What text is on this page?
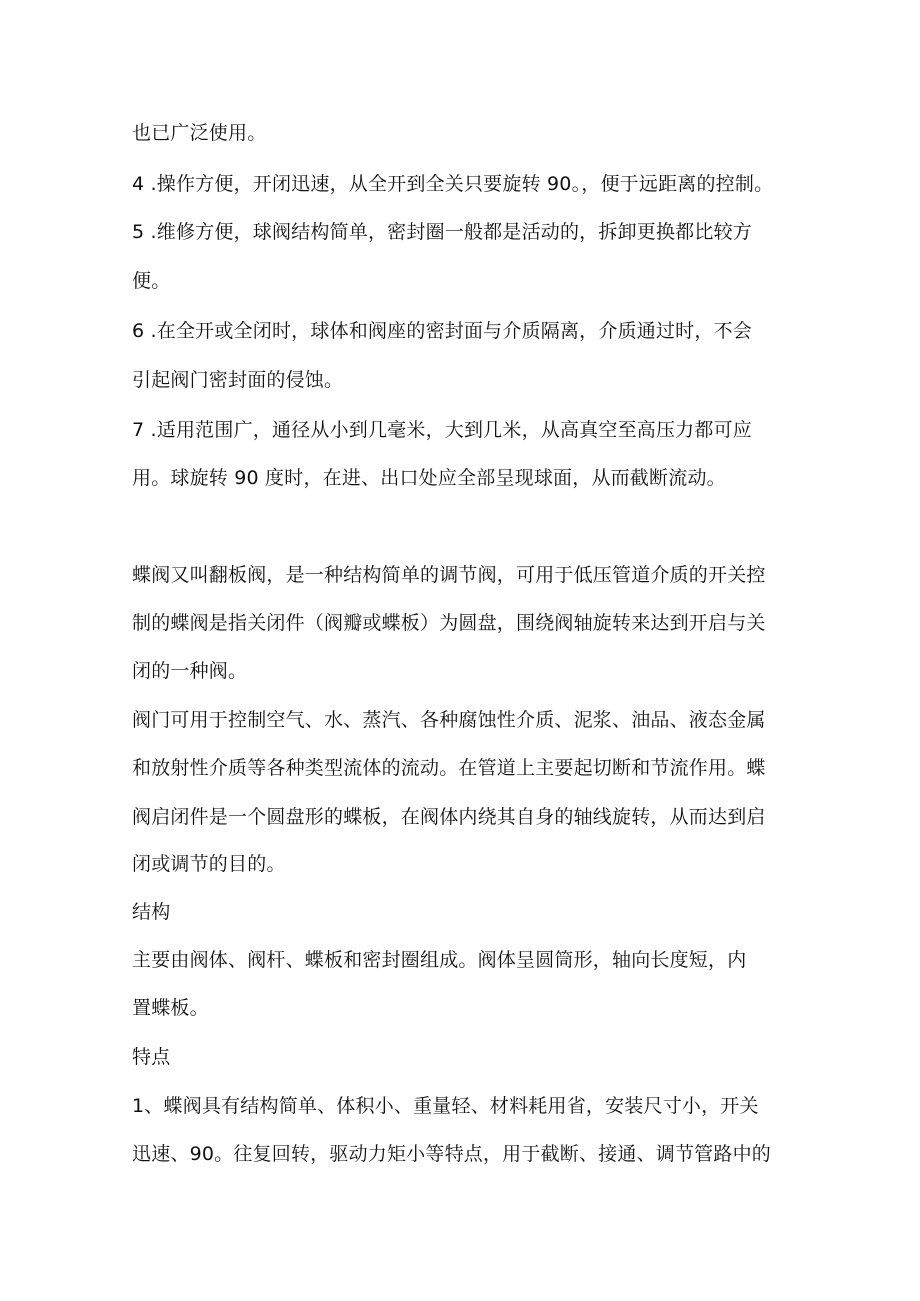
也已广泛使用。

4 .操作方便，开闭迅速，从全开到全关只要旋转 90。，便于远距离的控制。

5 .维修方便，球阀结构简单，密封圈一般都是活动的，拆卸更换都比较方

便。

6 .在全开或全闭时，球体和阀座的密封面与介质隔离，介质通过时，不会

引起阀门密封面的侵蚀。

7 .适用范围广，通径从小到几毫米，大到几米，从高真空至高压力都可应

用。球旋转 90 度时，在进、出口处应全部呈现球面，从而截断流动。

蝶阀又叫翻板阀，是一种结构简单的调节阀，可用于低压管道介质的开关控

制的蝶阀是指关闭件（阀瓣或蝶板）为圆盘，围绕阀轴旋转来达到开启与关

闭的一种阀。

阀门可用于控制空气、水、蒸汽、各种腐蚀性介质、泥浆、油品、液态金属

和放射性介质等各种类型流体的流动。在管道上主要起切断和节流作用。蝶

阀启闭件是一个圆盘形的蝶板，在阀体内绕其自身的轴线旋转，从而达到启

闭或调节的目的。

结构

主要由阀体、阀杆、蝶板和密封圈组成。阀体呈圆筒形，轴向长度短，内

置蝶板。

特点

1、蝶阀具有结构简单、体积小、重量轻、材料耗用省，安装尺寸小，开关

迅速、90。往复回转，驱动力矩小等特点，用于截断、接通、调节管路中的
